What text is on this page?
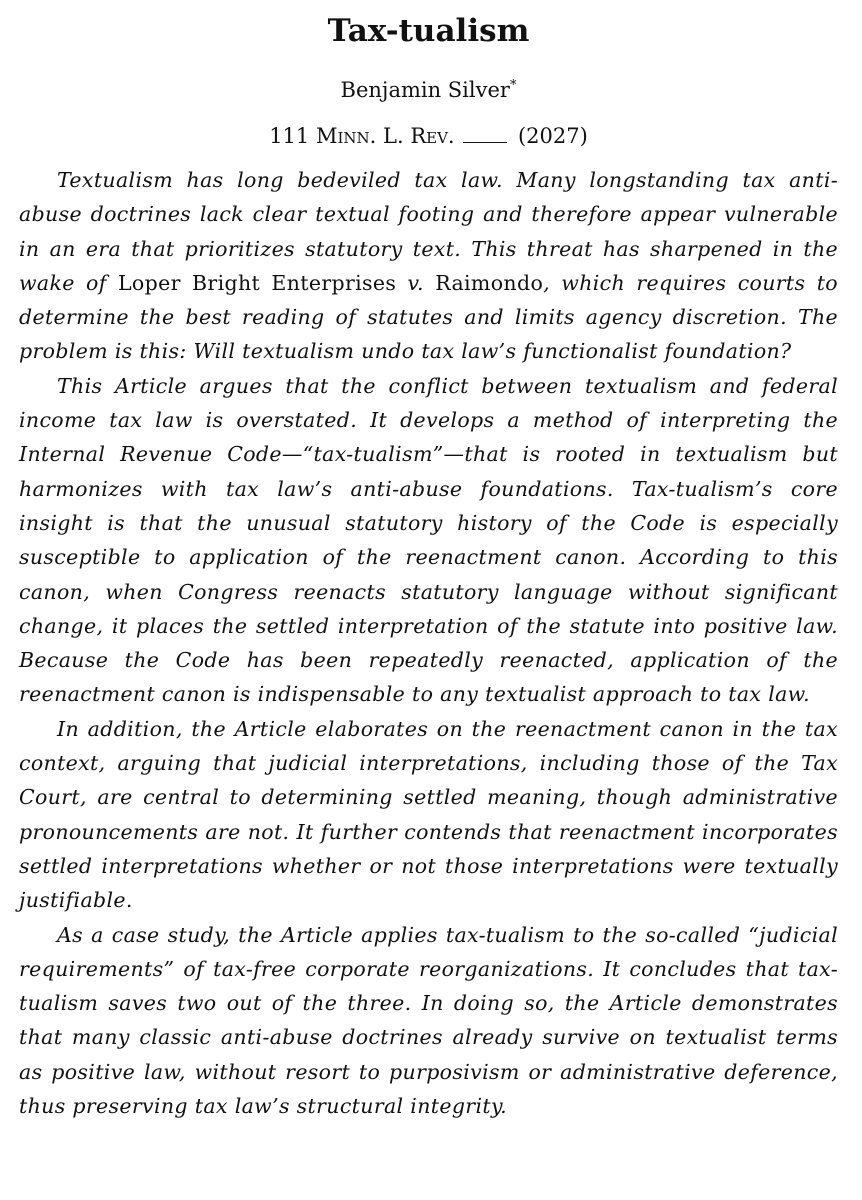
Tax-tualism

Benjamin Silver*

111 Minn. L. Rev.	(2027)

Textualism has long bedeviled tax law. Many longstanding tax anti-abuse doctrines lack clear textual footing and therefore appear vulnerable in an era that prioritizes statutory text. This threat has sharpened in the wake of Loper Bright Enterprises v. Raimondo, which requires courts to determine the best reading of statutes and limits agency discretion. The problem is this: Will textualism undo tax law’s functionalist foundation?

This Article argues that the conflict between textualism and federal income tax law is overstated. It develops a method of interpreting the Internal Revenue Code—“tax-tualism”—that is rooted in textualism but harmonizes with tax law’s anti-abuse foundations. Tax-tualism’s core insight is that the unusual statutory history of the Code is especially susceptible to application of the reenactment canon. According to this canon, when Congress reenacts statutory language without significant change, it places the settled interpretation of the statute into positive law. Because the Code has been repeatedly reenacted, application of the reenactment canon is indispensable to any textualist approach to tax law.

In addition, the Article elaborates on the reenactment canon in the tax context, arguing that judicial interpretations, including those of the Tax Court, are central to determining settled meaning, though administrative pronouncements are not. It further contends that reenactment incorporates settled interpretations whether or not those interpretations were textually justifiable.

As a case study, the Article applies tax-tualism to the so-called “judicial requirements” of tax-free corporate reorganizations. It concludes that tax-tualism saves two out of the three. In doing so, the Article demonstrates that many classic anti-abuse doctrines already survive on textualist terms as positive law, without resort to purposivism or administrative deference, thus preserving tax law’s structural integrity.
